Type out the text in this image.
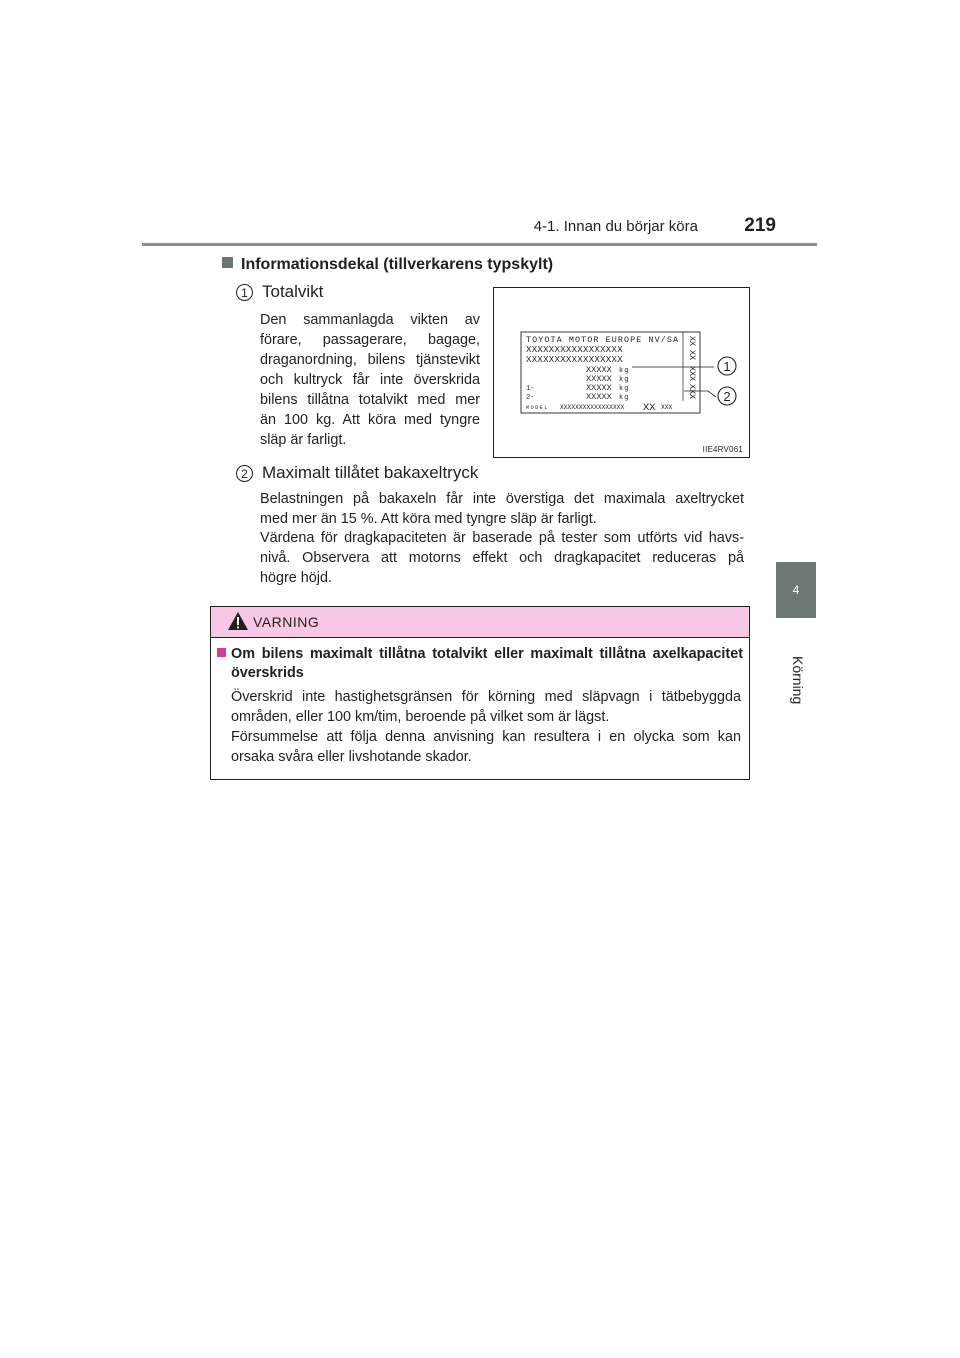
4-1. Innan du börjar köra	219
4
Körning
Informationsdekal (tillverkarens typskylt)
1 Totalvikt
Den sammanlagda vikten av
förare, passagerare, bagage,
draganordning, bilens tjänstevikt
och kultryck får inte överskrida
bilens tillåtna totalvikt med mer
än 100 kg. Att köra med tyngre
släp är farligt.
TOYOTA MOTOR EUROPE NV/SA
XXXXXXXXXXXXXXXXX
XXXXXXXXXXXXXXXXX
XXXXX kg
XXXXX kg
1-	XXXXX kg
2-	XXXXX kg
MODEL XXXXXXXXXXXXXXXXX XX XXX
XX
XX
XXX
XXX
1
2
IIE4RV061
2 Maximalt tillåtet bakaxeltryck
Belastningen på bakaxeln får inte överstiga det maximala axeltrycket
med mer än 15 %. Att köra med tyngre släp är farligt.
Värdena för dragkapaciteten är baserade på tester som utförts vid havs-
nivå. Observera att motorns effekt och dragkapacitet reduceras på
högre höjd.
VARNING
Om bilens maximalt tillåtna totalvikt eller maximalt tillåtna axelkapacitet
överskrids
Överskrid inte hastighetsgränsen för körning med släpvagn i tätbebyggda
områden, eller 100 km/tim, beroende på vilket som är lägst.
Försummelse att följa denna anvisning kan resultera i en olycka som kan
orsaka svåra eller livshotande skador.
